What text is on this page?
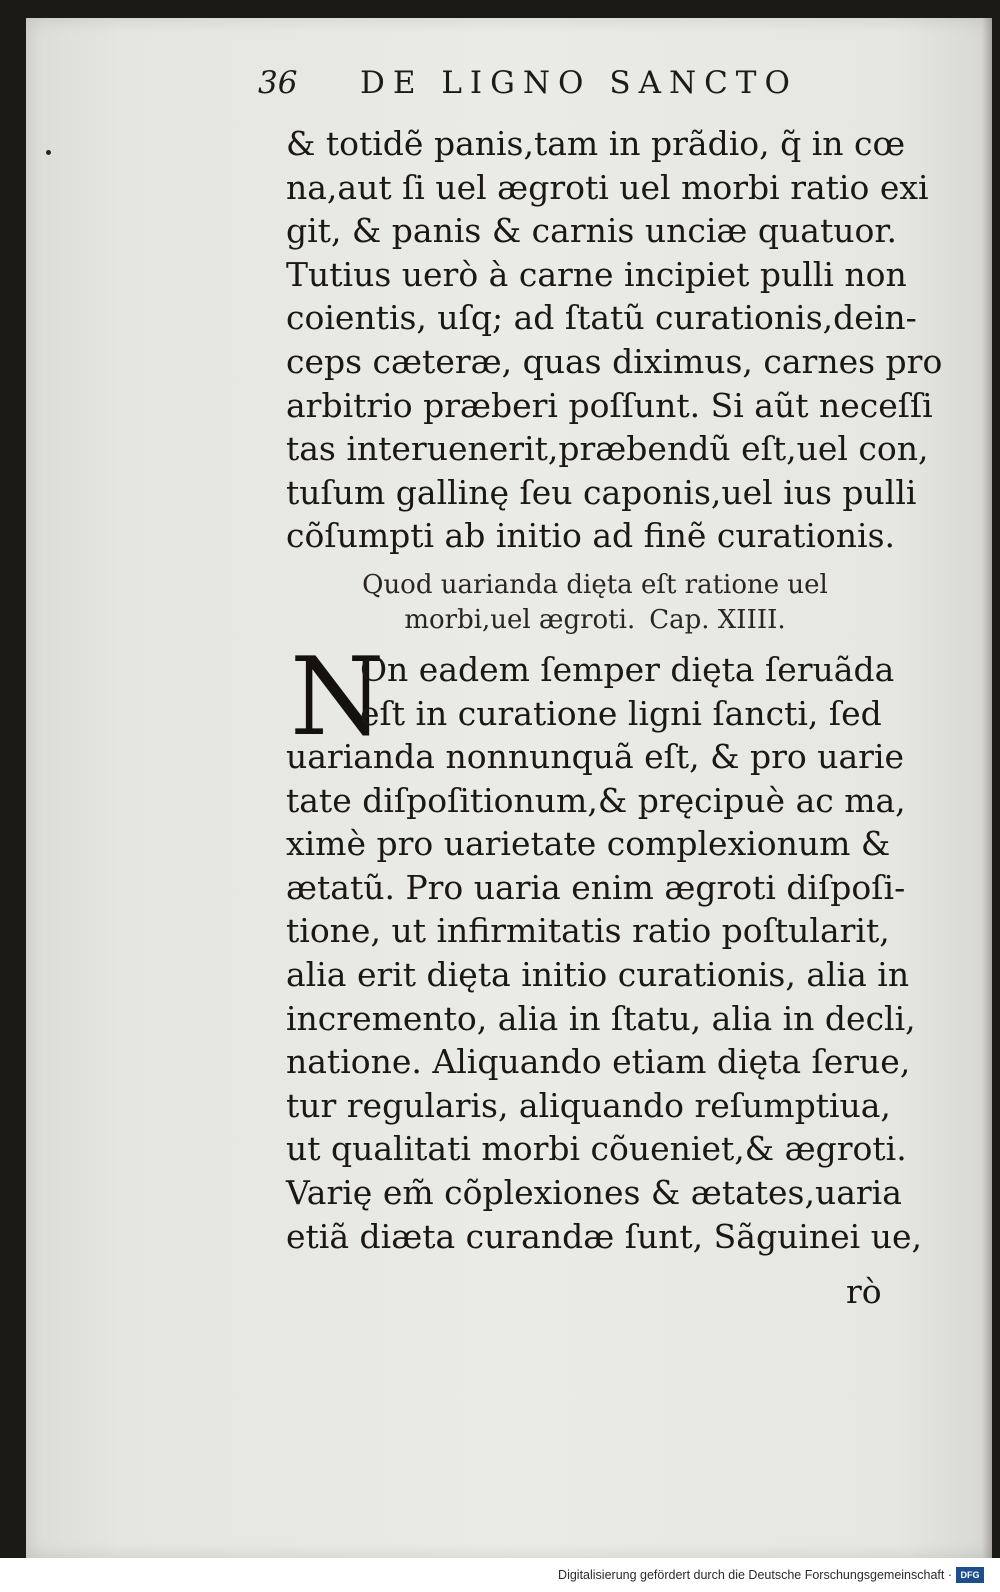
36 DE LIGNO SANCTO
& totidẽ panis,tam in prãdio, q̃ in cœ
na,aut ſi uel ægroti uel morbi ratio exi
git, & panis & carnis unciæ quatuor.
Tutius uerò à carne incipiet pulli non
coientis, uſq; ad ſtatũ curationis,dein-
ceps cæteræ, quas diximus, carnes pro
arbitrio præberi poſſunt. Si aũt neceſſi
tas interuenerit,præbendũ eſt,uel con,
tuſum gallinę ſeu caponis,uel ius pulli
cõſumpti ab initio ad finẽ curationis.
Quod uarianda dięta eſt ratione uel
morbi,uel ægroti. Cap. XIIII.
N
On eadem ſemper dięta ſeruãda
eſt in curatione ligni ſancti, ſed
uarianda nonnunquã eſt, & pro uarie
tate diſpoſitionum,& pręcipuè ac ma,
ximè pro uarietate complexionum &
ætatũ. Pro uaria enim ægroti diſpoſi-
tione, ut infirmitatis ratio poſtularit,
alia erit dięta initio curationis, alia in
incremento, alia in ſtatu, alia in decli,
natione. Aliquando etiam dięta ſerue,
tur regularis, aliquando reſumptiua,
ut qualitati morbi cõueniet,& ægroti.
Varię em̃ cõplexiones & ætates,uaria
etiã diæta curandæ ſunt, Sãguinei ue,
rò
Digitalisierung gefördert durch die Deutsche Forschungsgemeinschaft · DFG
